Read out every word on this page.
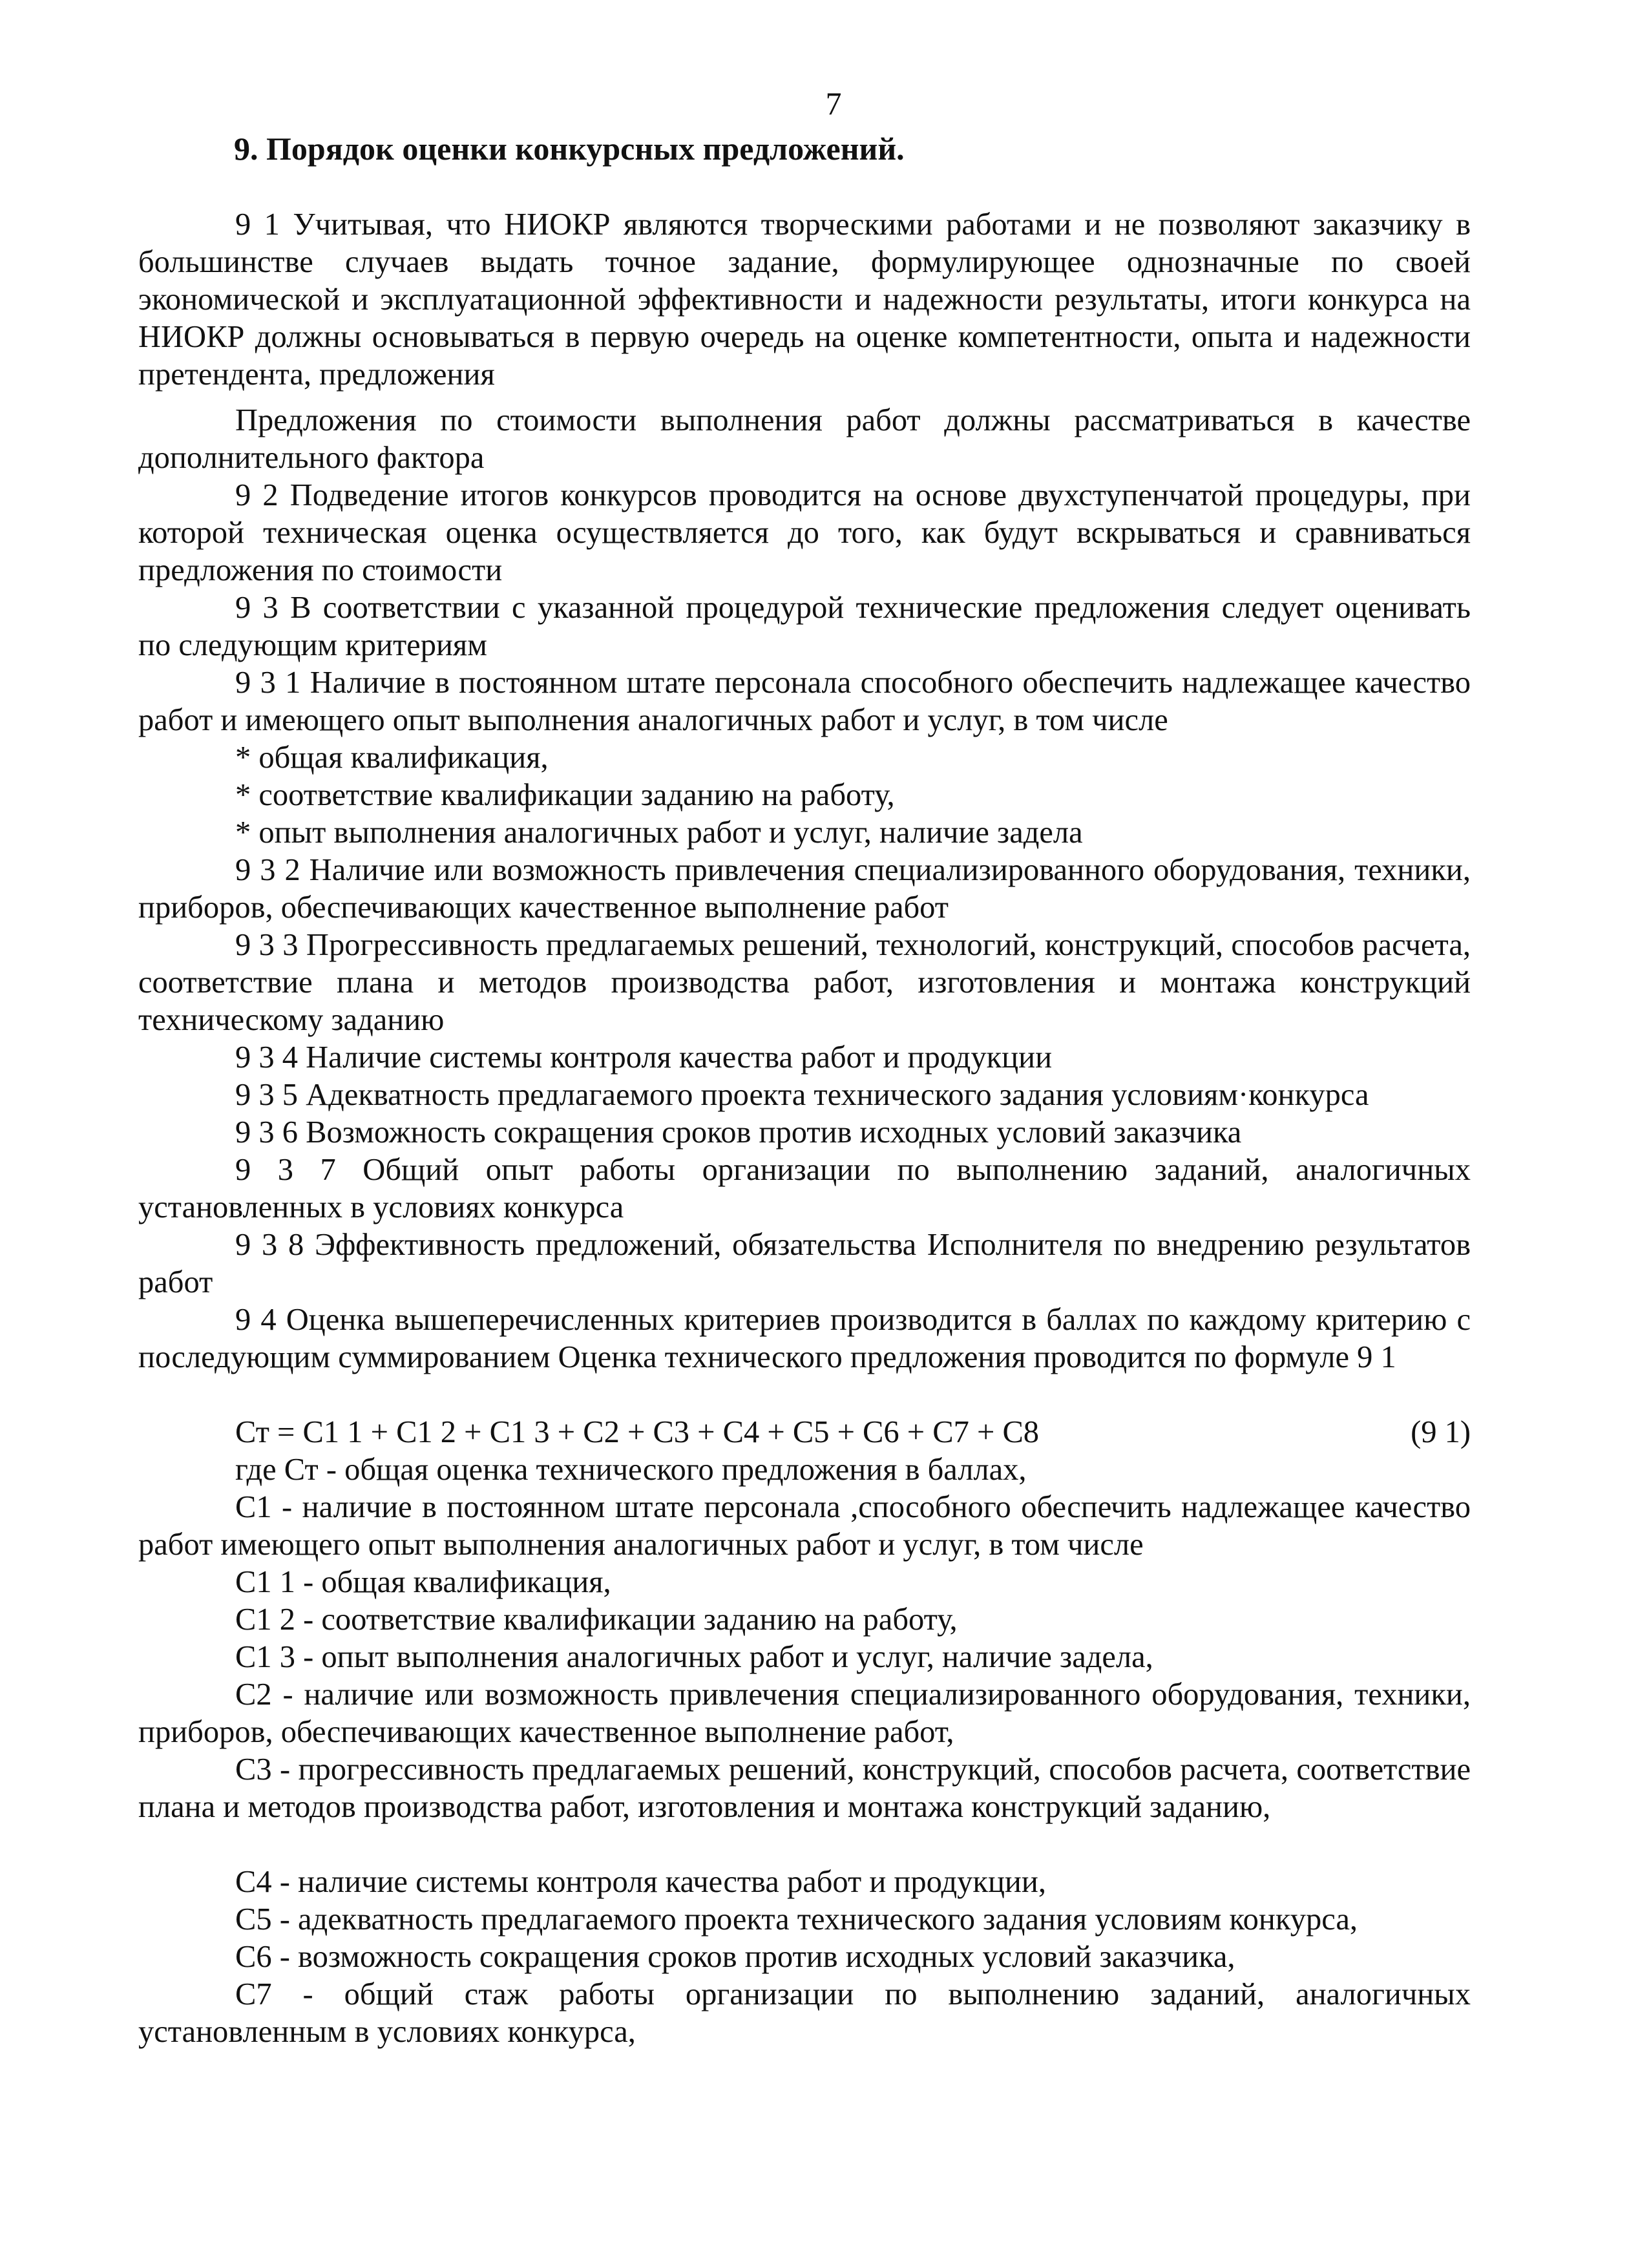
7
9. Порядок оценки конкурсных предложений.
9 1 Учитывая, что НИОКР являются творческими работами и не позволяют заказчику в большинстве случаев выдать точное задание, формулирующее однозначные по своей экономической и эксплуатационной эффективности и надежности результаты, итоги конкурса на НИОКР должны основываться в первую очередь на оценке компетентности, опыта и надежности претендента, предложения
Предложения по стоимости выполнения работ должны рассматриваться в качестве дополнительного фактора
9 2 Подведение итогов конкурсов проводится на основе двухступенчатой процедуры, при которой техническая оценка осуществляется до того, как будут вскрываться и сравниваться предложения по стоимости
9 3 В соответствии с указанной процедурой технические предложения следует оценивать по следующим критериям
9 3 1 Наличие в постоянном штате персонала способного обеспечить надлежащее качество работ и имеющего опыт выполнения аналогичных работ и услуг, в том числе
* общая квалификация,
* соответствие квалификации заданию на работу,
* опыт выполнения аналогичных работ и услуг, наличие задела
9 3 2 Наличие или возможность привлечения специализированного оборудования, техники, приборов, обеспечивающих качественное выполнение работ
9 3 3 Прогрессивность предлагаемых решений, технологий, конструкций, способов расчета, соответствие плана и методов производства работ, изготовления и монтажа конструкций техническому заданию
9 3 4 Наличие системы контроля качества работ и продукции
9 3 5 Адекватность предлагаемого проекта технического задания условиям·конкурса
9 3 6 Возможность сокращения сроков против исходных условий заказчика
9 3 7 Общий опыт работы организации по выполнению заданий, аналогичных установленных в условиях конкурса
9 3 8 Эффективность предложений, обязательства Исполнителя по внедрению результатов работ
9 4 Оценка вышеперечисленных критериев производится в баллах по каждому критерию с последующим суммированием Оценка технического предложения проводится по формуле 9 1
Ст = С1 1 + С1 2 + С1 3 + С2 + С3 + С4 + С5 + С6 + С7 + С8	(9 1)
где Ст - общая оценка технического предложения в баллах,
С1 - наличие в постоянном штате персонала ,способного обеспечить надлежащее качество работ имеющего опыт выполнения аналогичных работ и услуг, в том числе
С1 1 - общая квалификация,
С1 2 - соответствие квалификации заданию на работу,
С1 3 - опыт выполнения аналогичных работ и услуг, наличие задела,
С2 - наличие или возможность привлечения специализированного оборудования, техники, приборов, обеспечивающих качественное выполнение работ,
С3 - прогрессивность предлагаемых решений, конструкций, способов расчета, соответствие плана и методов производства работ, изготовления и монтажа конструкций заданию,
С4 - наличие системы контроля качества работ и продукции,
С5 - адекватность предлагаемого проекта технического задания условиям конкурса,
С6 - возможность сокращения сроков против исходных условий заказчика,
С7 - общий стаж работы организации по выполнению заданий, аналогичных установленным в условиях конкурса,
